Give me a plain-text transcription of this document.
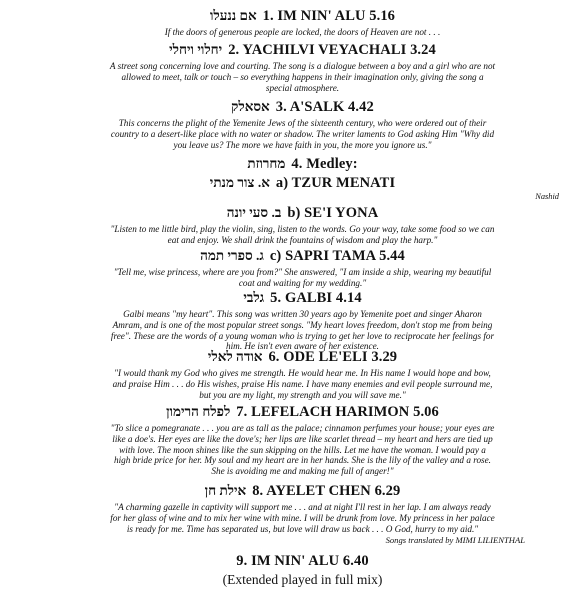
אם ננעלו 1. IM NIN' ALU 5.16
If the doors of generous people are locked, the doors of Heaven are not . . .
יחלוי ויחלי 2. YACHILVI VEYACHALI 3.24
A street song concerning love and courting. The song is a dialogue between a boy and a girl who are not
allowed to meet, talk or touch – so everything happens in their imagination only, giving the song a
special atmosphere.
אסאלק 3. A'SALK 4.42
This concerns the plight of the Yemenite Jews of the sixteenth century, who were ordered out of their
country to a desert-like place with no water or shadow. The writer laments to God asking Him "Why did
you leave us? The more we have faith in you, the more you ignore us."
מחרוזת 4. Medley:
א. צור מנתי a) TZUR MENATI
Nashid
ב. סעי יונה b) SE'I YONA
"Listen to me little bird, play the violin, sing, listen to the words. Go your way, take some food so we can
eat and enjoy. We shall drink the fountains of wisdom and play the harp."
ג. ספרי תמה c) SAPRI TAMA 5.44
"Tell me, wise princess, where are you from?" She answered, "I am inside a ship, wearing my beautiful
coat and waiting for my wedding."
גלבי 5. GALBI 4.14
Galbi means "my heart". This song was written 30 years ago by Yemenite poet and singer Aharon
Amram, and is one of the most popular street songs. "My heart loves freedom, don't stop me from being
free". These are the words of a young woman who is trying to get her love to reciprocate her feelings for
him. He isn't even aware of her existence.
אודה לאלי 6. ODE LE'ELI 3.29
"I would thank my God who gives me strength. He would hear me. In His name I would hope and bow,
and praise Him . . . do His wishes, praise His name. I have many enemies and evil people surround me,
but you are my light, my strength and you will save me."
לפלח הרימון 7. LEFELACH HARIMON 5.06
"To slice a pomegranate . . . you are as tall as the palace; cinnamon perfumes your house; your eyes are
like a doe's. Her eyes are like the dove's; her lips are like scarlet thread – my heart and hers are tied up
with love. The moon shines like the sun skipping on the hills. Let me have the woman. I would pay a
high bride price for her. My soul and my heart are in her hands. She is the lily of the valley and a rose.
She is avoiding me and making me full of anger!"
אילת חן 8. AYELET CHEN 6.29
"A charming gazelle in captivity will support me . . . and at night I'll rest in her lap. I am always ready
for her glass of wine and to mix her wine with mine. I will be drunk from love. My princess in her palace
is ready for me. Time has separated us, but love will draw us back . . . O God, hurry to my aid."
Songs translated by MIMI LILIENTHAL
9. IM NIN' ALU 6.40
(Extended played in full mix)
